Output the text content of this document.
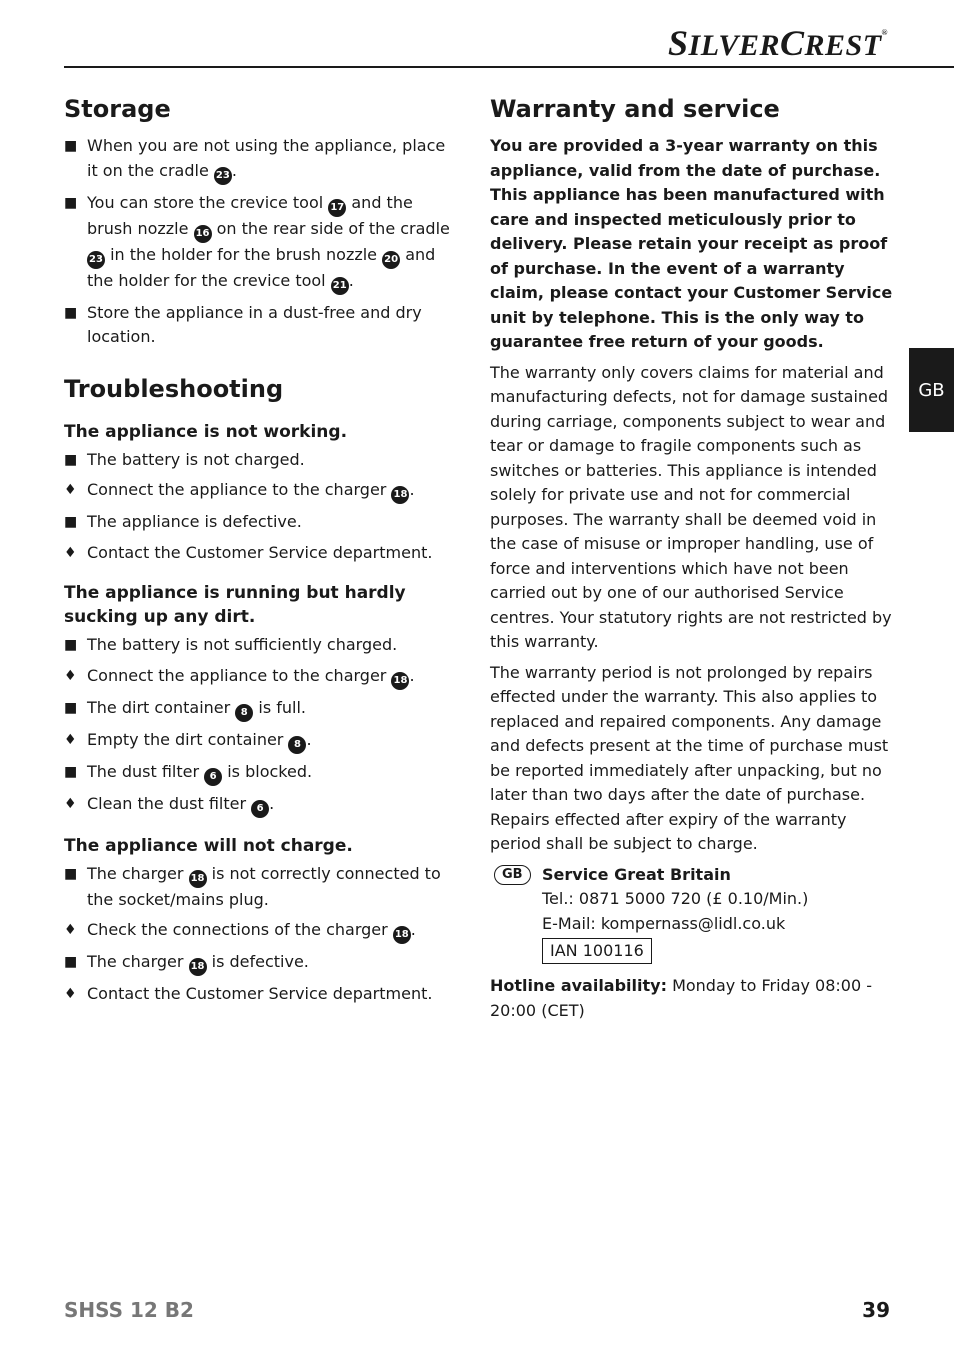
SILVERCREST®
GB
Storage
■ When you are not using the appliance, place it on the cradle 23 .
■ You can store the crevice tool 17 and the brush nozzle 16 on the rear side of the cradle 23 in the holder for the brush nozzle 20 and the holder for the crevice tool 21 .
■ Store the appliance in a dust-free and dry location.
Troubleshooting
The appliance is not working.
■ The battery is not charged.
♦ Connect the appliance to the charger 18 .
■ The appliance is defective.
♦ Contact the Customer Service department.
The appliance is running but hardly sucking up any dirt.
■ The battery is not sufficiently charged.
♦ Connect the appliance to the charger 18 .
■ The dirt container 8 is full.
♦ Empty the dirt container 8 .
■ The dust filter 6 is blocked.
♦ Clean the dust filter 6 .
The appliance will not charge.
■ The charger 18 is not correctly connected to the socket/mains plug.
♦ Check the connections of the charger 18 .
■ The charger 18 is defective.
♦ Contact the Customer Service department.
Warranty and service

You are provided a 3-year warranty on this appliance, valid from the date of purchase. This appliance has been manufactured with care and inspected meticulously prior to delivery. Please retain your receipt as proof of purchase. In the event of a warranty claim, please contact your Customer Service unit by telephone. This is the only way to guarantee free return of your goods.

The warranty only covers claims for material and manufacturing defects, not for damage sustained during carriage, components subject to wear and tear or damage to fragile components such as switches or batteries. This appliance is intended solely for private use and not for commercial purposes. The warranty shall be deemed void in the case of misuse or improper handling, use of force and interventions which have not been carried out by one of our authorised Service centres. Your statutory rights are not restricted by this warranty.

The warranty period is not prolonged by repairs effected under the warranty. This also applies to replaced and repaired components. Any damage and defects present at the time of purchase must be reported immediately after unpacking, but no later than two days after the date of purchase. Repairs effected after expiry of the warranty period shall be subject to charge.

GB	Service Great Britain

Tel.: 0871 5000 720 (£ 0.10/Min.)

E-Mail: kompernass@lidl.co.uk

IAN 100116

Hotline availability: Monday to Friday 08:00 - 20:00 (CET)

SHSS 12 B2	39
